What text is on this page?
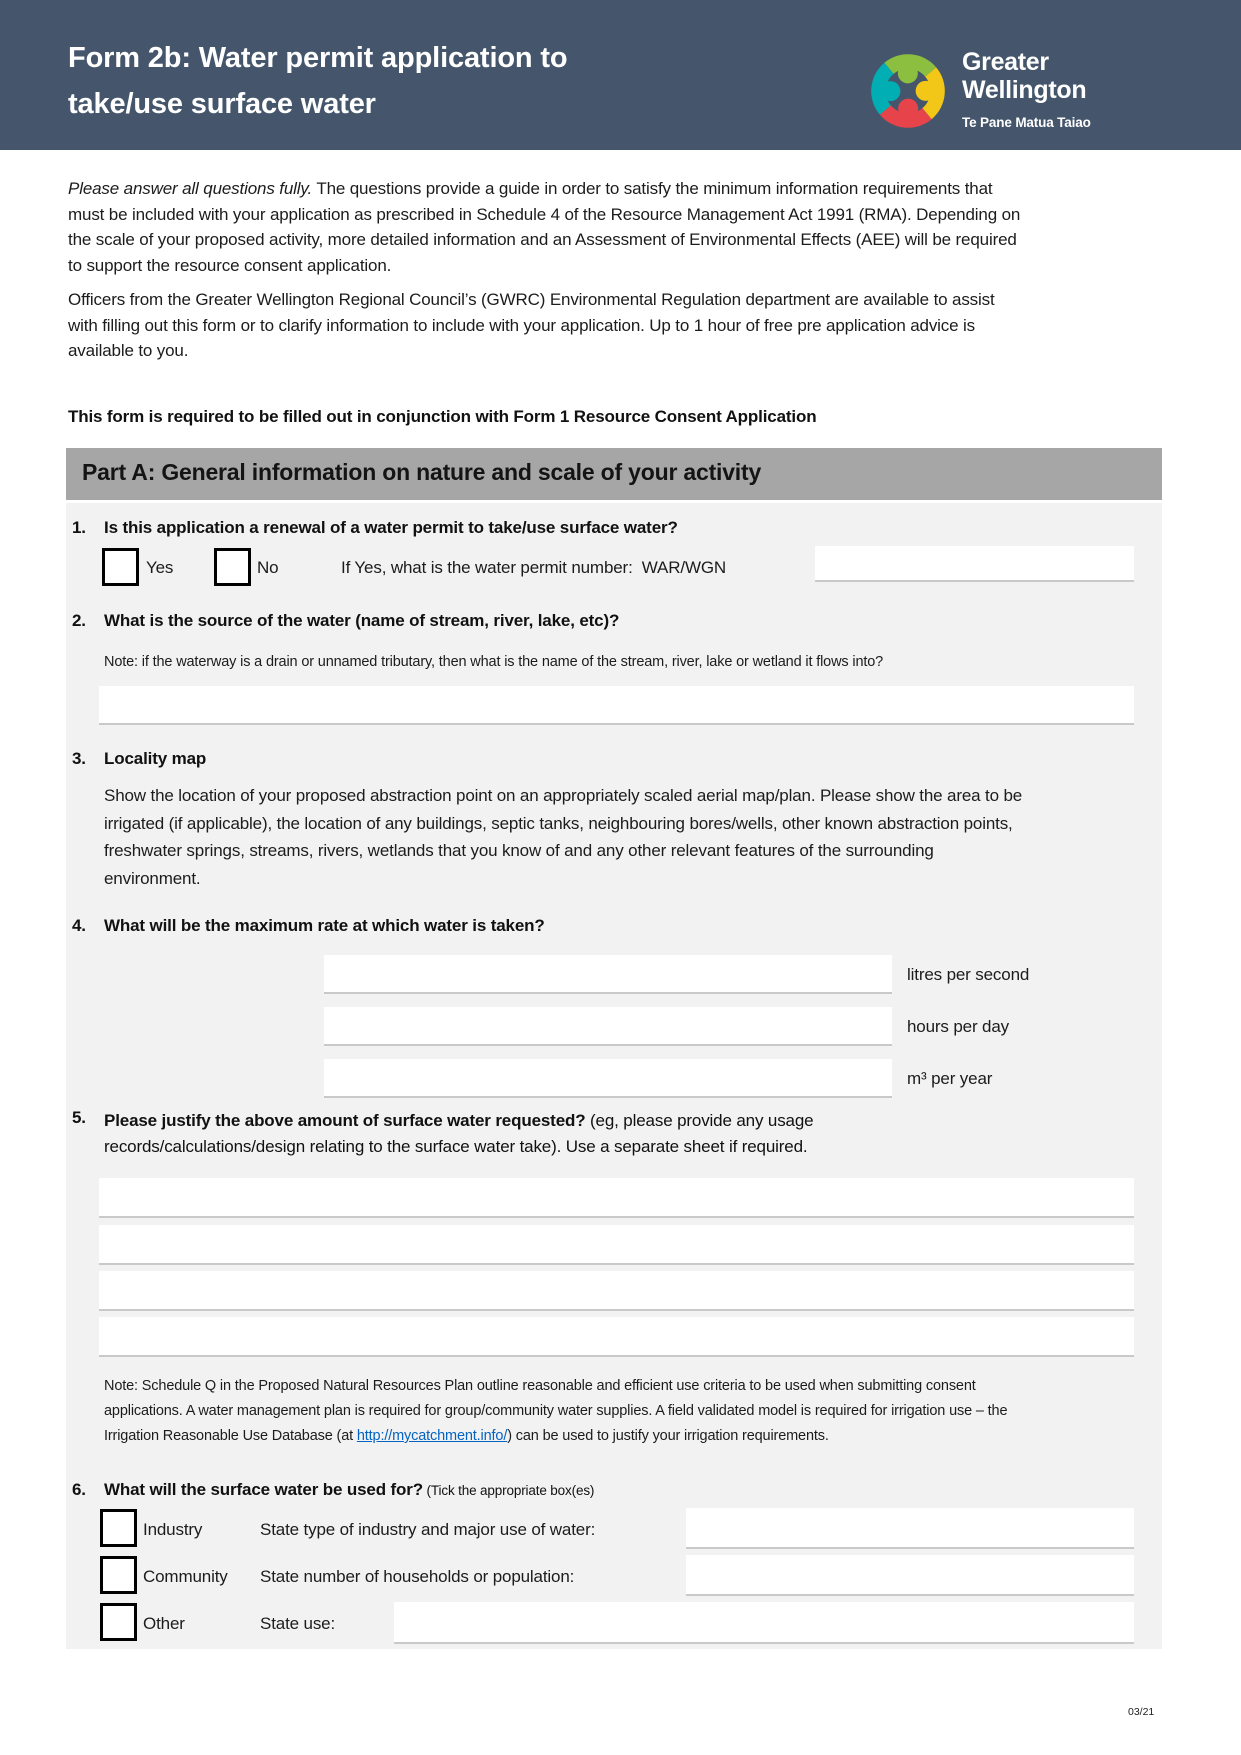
Form 2b: Water permit application to
take/use surface water
Greater
Wellington
Te Pane Matua Taiao
Please answer all questions fully. The questions provide a guide in order to satisfy the minimum information requirements that must be included with your application as prescribed in Schedule 4 of the Resource Management Act 1991 (RMA). Depending on the scale of your proposed activity, more detailed information and an Assessment of Environmental Effects (AEE) will be required to support the resource consent application.
Officers from the Greater Wellington Regional Council’s (GWRC) Environmental Regulation department are available to assist with filling out this form or to clarify information to include with your application. Up to 1 hour of free pre application advice is available to you.
This form is required to be filled out in conjunction with Form 1 Resource Consent Application
Part A: General information on nature and scale of your activity
1. Is this application a renewal of a water permit to take/use surface water?
Yes	No	If Yes, what is the water permit number:  WAR/WGN
2. What is the source of the water (name of stream, river, lake, etc)?
Note: if the waterway is a drain or unnamed tributary, then what is the name of the stream, river, lake or wetland it flows into?
3. Locality map
Show the location of your proposed abstraction point on an appropriately scaled aerial map/plan. Please show the area to be irrigated (if applicable), the location of any buildings, septic tanks, neighbouring bores/wells, other known abstraction points, freshwater springs, streams, rivers, wetlands that you know of and any other relevant features of the surrounding environment.
4. What will be the maximum rate at which water is taken?
litres per second
hours per day
m³ per year
5. Please justify the above amount of surface water requested? (eg, please provide any usage records/calculations/design relating to the surface water take). Use a separate sheet if required.
Note: Schedule Q in the Proposed Natural Resources Plan outline reasonable and efficient use criteria to be used when submitting consent applications. A water management plan is required for group/community water supplies. A field validated model is required for irrigation use – the Irrigation Reasonable Use Database (at http://mycatchment.info/) can be used to justify your irrigation requirements.
6. What will the surface water be used for? (Tick the appropriate box(es)
Industry	State type of industry and major use of water:
Community State number of households or population:
Other	State use:
03/21
